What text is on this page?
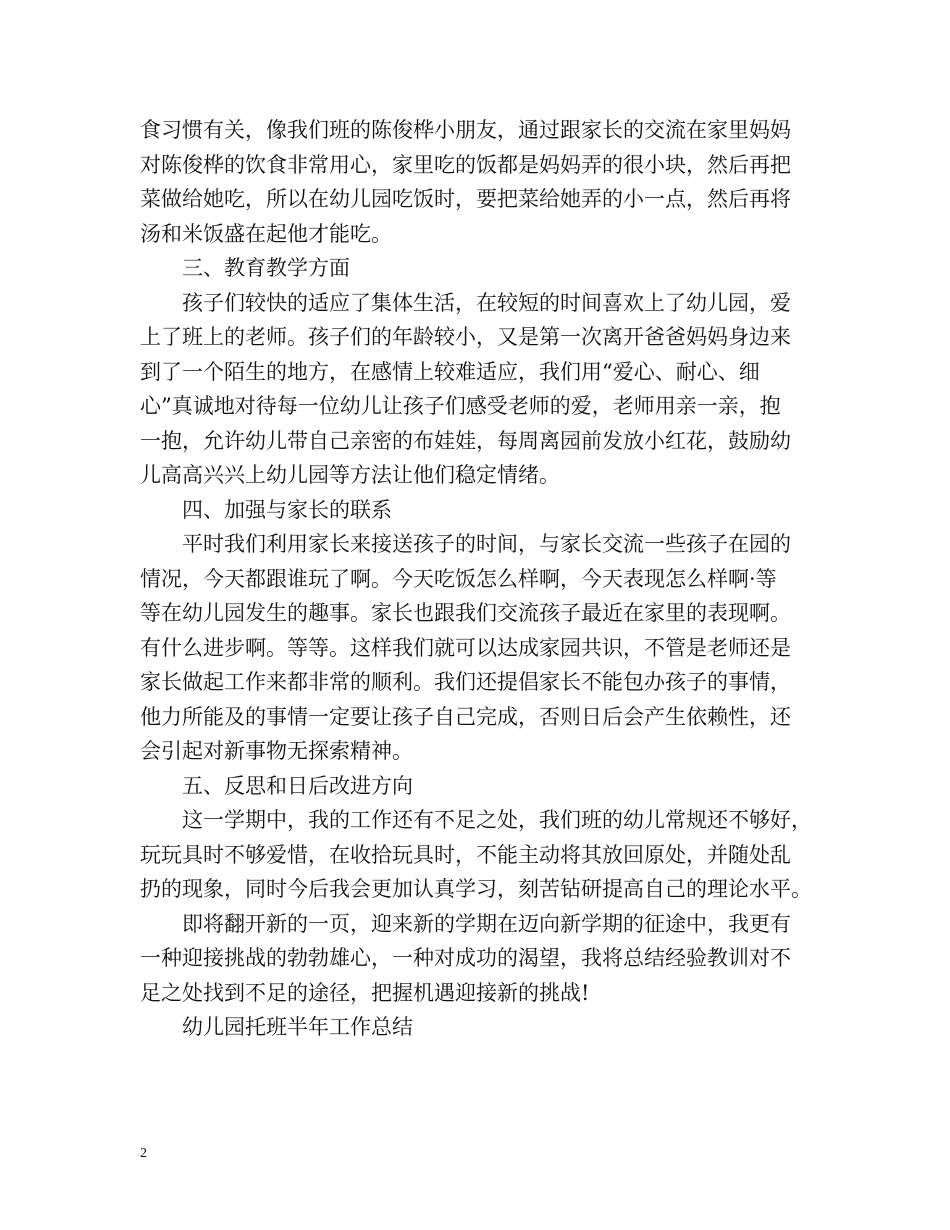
食习惯有关，像我们班的陈俊桦小朋友，通过跟家长的交流在家里妈妈
对陈俊桦的饮食非常用心，家里吃的饭都是妈妈弄的很小块，然后再把
菜做给她吃，所以在幼儿园吃饭时，要把菜给她弄的小一点，然后再将
汤和米饭盛在起他才能吃。

三、教育教学方面

孩子们较快的适应了集体生活，在较短的时间喜欢上了幼儿园，爱
上了班上的老师。孩子们的年龄较小，又是第一次离开爸爸妈妈身边来
到了一个陌生的地方，在感情上较难适应，我们用“爱心、耐心、细
心”真诚地对待每一位幼儿让孩子们感受老师的爱，老师用亲一亲，抱
一抱，允许幼儿带自己亲密的布娃娃，每周离园前发放小红花，鼓励幼
儿高高兴兴上幼儿园等方法让他们稳定情绪。

四、加强与家长的联系

平时我们利用家长来接送孩子的时间，与家长交流一些孩子在园的
情况，今天都跟谁玩了啊。今天吃饭怎么样啊，今天表现怎么样啊·等
等在幼儿园发生的趣事。家长也跟我们交流孩子最近在家里的表现啊。
有什么进步啊。等等。这样我们就可以达成家园共识，不管是老师还是
家长做起工作来都非常的顺利。我们还提倡家长不能包办孩子的事情，
他力所能及的事情一定要让孩子自己完成，否则日后会产生依赖性，还
会引起对新事物无探索精神。

五、反思和日后改进方向

这一学期中，我的工作还有不足之处，我们班的幼儿常规还不够好，
玩玩具时不够爱惜，在收拾玩具时，不能主动将其放回原处，并随处乱
扔的现象，同时今后我会更加认真学习，刻苦钻研提高自己的理论水平。

即将翻开新的一页，迎来新的学期在迈向新学期的征途中，我更有
一种迎接挑战的勃勃雄心，一种对成功的渴望，我将总结经验教训对不
足之处找到不足的途径，把握机遇迎接新的挑战!

幼儿园托班半年工作总结

2
